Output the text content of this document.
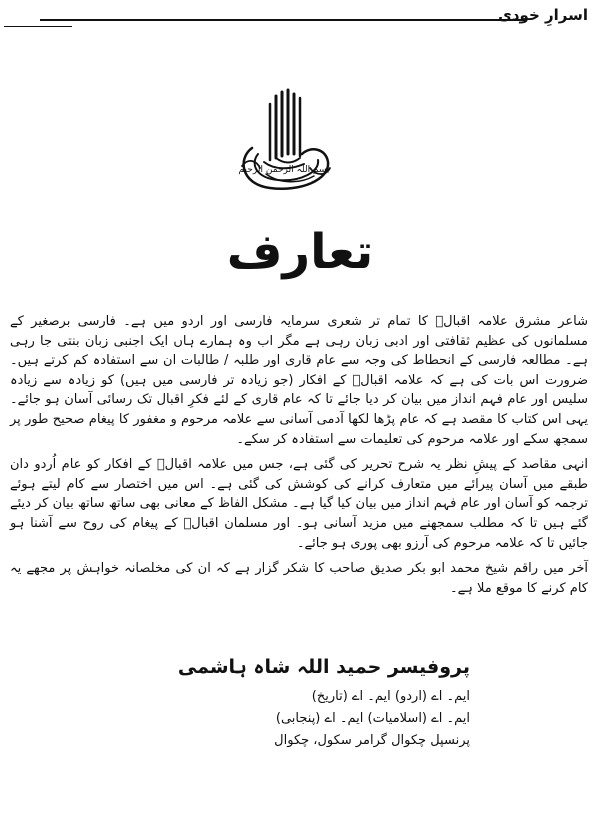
اسرارِ خودی
بسم اللہ الرحمن الرحیم
تعارف

شاعر مشرق علامہ اقبالؒ کا تمام تر شعری سرمایہ فارسی اور اردو میں ہے۔ فارسی برصغیر کے مسلمانوں کی عظیم ثقافتی اور ادبی زبان رہی ہے مگر اب وہ ہمارے ہاں ایک اجنبی زبان بنتی جا رہی ہے۔ مطالعہ فارسی کے انحطاط کی وجہ سے عام قاری اور طلبہ / طالبات ان سے استفادہ کم کرتے ہیں۔ ضرورت اس بات کی ہے کہ علامہ اقبالؒ کے افکار (جو زیادہ تر فارسی میں ہیں) کو زیادہ سے زیادہ سلیس اور عام فہم انداز میں بیان کر دیا جائے تا کہ عام قاری کے لئے فکرِ اقبال تک رسائی آسان ہو جائے۔ یہی اس کتاب کا مقصد ہے کہ عام پڑھا لکھا آدمی آسانی سے علامہ مرحوم و مغفور کا پیغام صحیح طور پر سمجھ سکے اور علامہ مرحوم کی تعلیمات سے استفادہ کر سکے۔

انہی مقاصد کے پیشِ نظر یہ شرح تحریر کی گئی ہے، جس میں علامہ اقبالؒ کے افکار کو عام اُردو دان طبقے میں آسان پیرائے میں متعارف کرانے کی کوشش کی گئی ہے۔ اس میں اختصار سے کام لیتے ہوئے ترجمہ کو آسان اور عام فہم انداز میں بیان کیا گیا ہے۔ مشکل الفاظ کے معانی بھی ساتھ ساتھ بیان کر دیئے گئے ہیں تا کہ مطلب سمجھنے میں مزید آسانی ہو۔ اور مسلمان اقبالؒ کے پیغام کی روح سے آشنا ہو جائیں تا کہ علامہ مرحوم کی آرزو بھی پوری ہو جائے۔

آخر میں راقم شیخ محمد ابو بکر صدیق صاحب کا شکر گزار ہے کہ ان کی مخلصانہ خواہش پر مجھے یہ کام کرنے کا موقع ملا ہے۔

پروفیسر حمید اللہ شاہ ہاشمی
ایم۔ اے (اردو) ایم۔ اے (تاریخ)
ایم۔ اے (اسلامیات) ایم۔ اے (پنجابی)
پرنسپل چکوال گرامر سکول، چکوال
